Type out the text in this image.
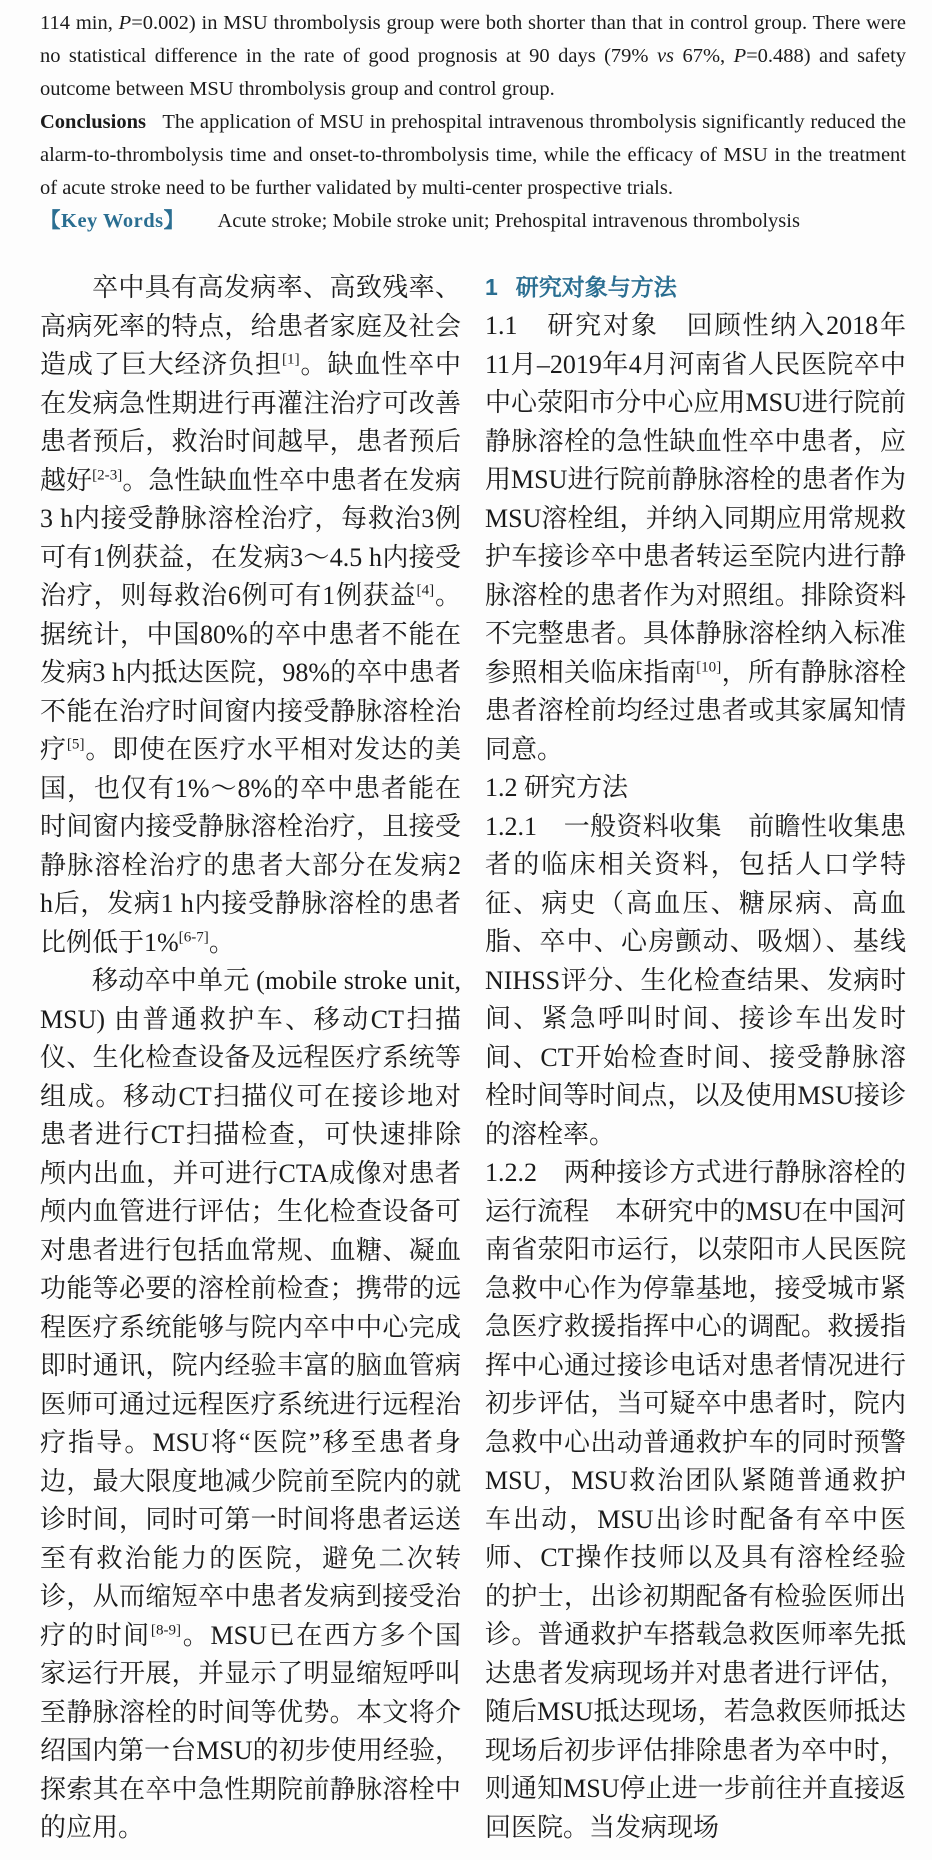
114 min, P=0.002) in MSU thrombolysis group were both shorter than that in control group. There were no statistical difference in the rate of good prognosis at 90 days (79% vs 67%, P=0.488) and safety outcome between MSU thrombolysis group and control group.

Conclusions The application of MSU in prehospital intravenous thrombolysis significantly reduced the alarm-to-thrombolysis time and onset-to-thrombolysis time, while the efficacy of MSU in the treatment of acute stroke need to be further validated by multi-center prospective trials.

【Key Words】 Acute stroke; Mobile stroke unit; Prehospital intravenous thrombolysis

卒中具有高发病率、高致残率、高病死率的特点，给患者家庭及社会造成了巨大经济负担[1]。缺血性卒中在发病急性期进行再灌注治疗可改善患者预后，救治时间越早，患者预后越好[2-3]。急性缺血性卒中患者在发病3 h内接受静脉溶栓治疗，每救治3例可有1例获益，在发病3～4.5 h内接受治疗，则每救治6例可有1例获益[4]。据统计，中国80%的卒中患者不能在发病3 h内抵达医院，98%的卒中患者不能在治疗时间窗内接受静脉溶栓治疗[5]。即使在医疗水平相对发达的美国，也仅有1%～8%的卒中患者能在时间窗内接受静脉溶栓治疗，且接受静脉溶栓治疗的患者大部分在发病2 h后，发病1 h内接受静脉溶栓的患者比例低于1%[6-7]。

移动卒中单元 (mobile stroke unit, MSU) 由普通救护车、移动CT扫描仪、生化检查设备及远程医疗系统等组成。移动CT扫描仪可在接诊地对患者进行CT扫描检查，可快速排除颅内出血，并可进行CTA成像对患者颅内血管进行评估；生化检查设备可对患者进行包括血常规、血糖、凝血功能等必要的溶栓前检查；携带的远程医疗系统能够与院内卒中中心完成即时通讯，院内经验丰富的脑血管病医师可通过远程医疗系统进行远程治疗指导。MSU将“医院”移至患者身边，最大限度地减少院前至院内的就诊时间，同时可第一时间将患者运送至有救治能力的医院，避免二次转诊，从而缩短卒中患者发病到接受治疗的时间[8-9]。MSU已在西方多个国家运行开展，并显示了明显缩短呼叫至静脉溶栓的时间等优势。本文将介绍国内第一台MSU的初步使用经验，探索其在卒中急性期院前静脉溶栓中的应用。

1 研究对象与方法

1.1　研究对象　回顾性纳入2018年11月–2019年4月河南省人民医院卒中中心荥阳市分中心应用MSU进行院前静脉溶栓的急性缺血性卒中患者，应用MSU进行院前静脉溶栓的患者作为MSU溶栓组，并纳入同期应用常规救护车接诊卒中患者转运至院内进行静脉溶栓的患者作为对照组。排除资料不完整患者。具体静脉溶栓纳入标准参照相关临床指南[10]，所有静脉溶栓患者溶栓前均经过患者或其家属知情同意。

1.2 研究方法

1.2.1　一般资料收集　前瞻性收集患者的临床相关资料，包括人口学特征、病史（高血压、糖尿病、高血脂、卒中、心房颤动、吸烟）、基线NIHSS评分、生化检查结果、发病时间、紧急呼叫时间、接诊车出发时间、CT开始检查时间、接受静脉溶栓时间等时间点，以及使用MSU接诊的溶栓率。

1.2.2　两种接诊方式进行静脉溶栓的运行流程　本研究中的MSU在中国河南省荥阳市运行，以荥阳市人民医院急救中心作为停靠基地，接受城市紧急医疗救援指挥中心的调配。救援指挥中心通过接诊电话对患者情况进行初步评估，当可疑卒中患者时，院内急救中心出动普通救护车的同时预警MSU，MSU救治团队紧随普通救护车出动，MSU出诊时配备有卒中医师、CT操作技师以及具有溶栓经验的护士，出诊初期配备有检验医师出诊。普通救护车搭载急救医师率先抵达患者发病现场并对患者进行评估，随后MSU抵达现场，若急救医师抵达现场后初步评估排除患者为卒中时，则通知MSU停止进一步前往并直接返回医院。当发病现场
